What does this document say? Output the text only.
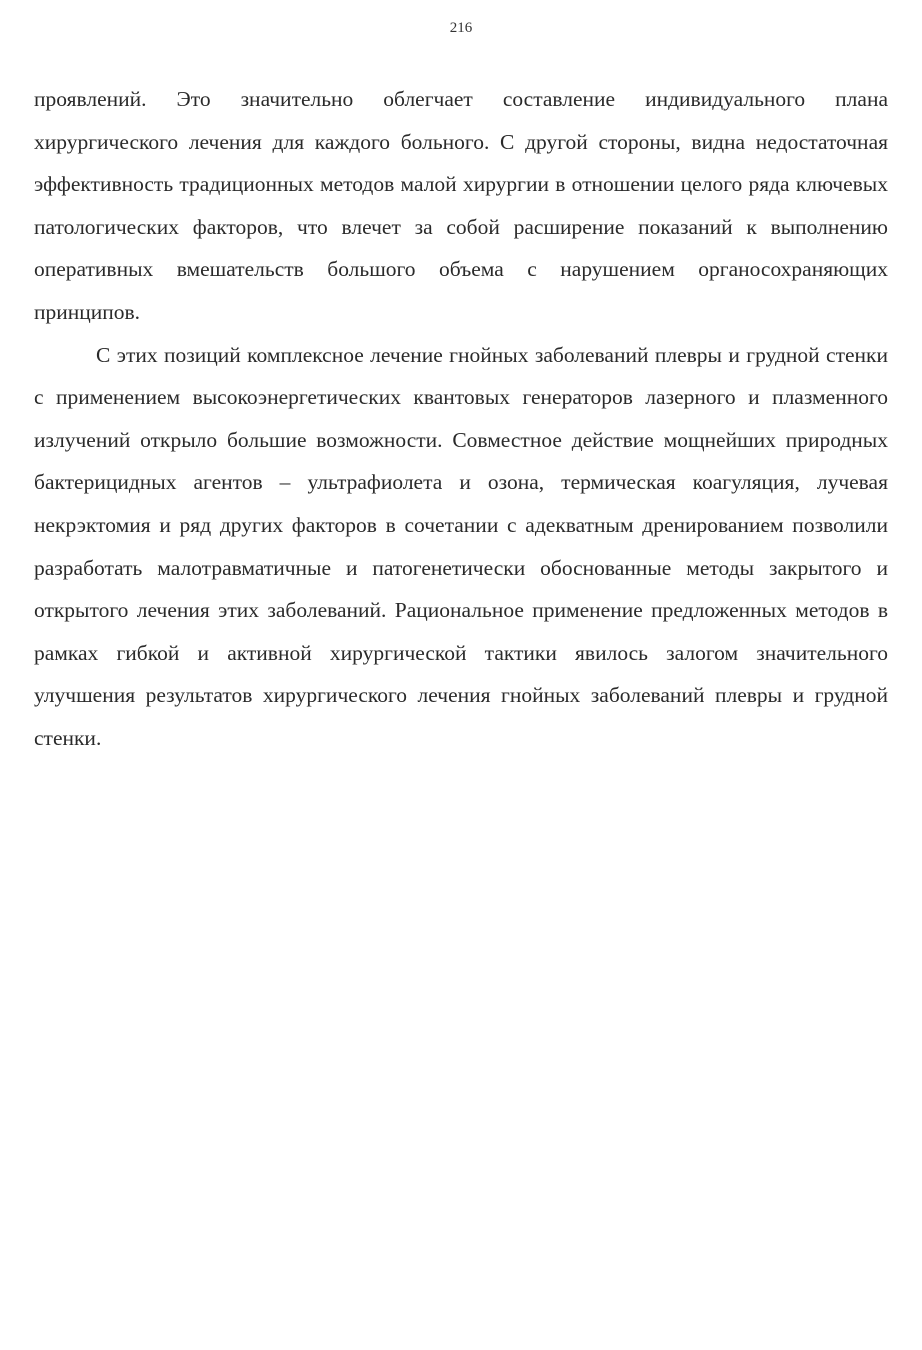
216

проявлений. Это значительно облегчает составление индивидуального плана хирургического лечения для каждого больного. С другой стороны, видна недостаточная эффективность традиционных методов малой хирургии в отношении целого ряда ключевых патологических факторов, что влечет за собой расширение показаний к выполнению оперативных вмешательств большого объема с нарушением органосохраняющих принципов.

С этих позиций комплексное лечение гнойных заболеваний плевры и грудной стенки с применением высокоэнергетических квантовых генераторов лазерного и плазменного излучений открыло большие возможности. Совместное действие мощнейших природных бактерицидных агентов – ультрафиолета и озона, термическая коагуляция, лучевая некрэктомия и ряд других факторов в сочетании с адекватным дренированием позволили разработать малотравматичные и патогенетически обоснованные методы закрытого и открытого лечения этих заболеваний. Рациональное применение предложенных методов в рамках гибкой и активной хирургической тактики явилось залогом значительного улучшения результатов хирургического лечения гнойных заболеваний плевры и грудной стенки.
